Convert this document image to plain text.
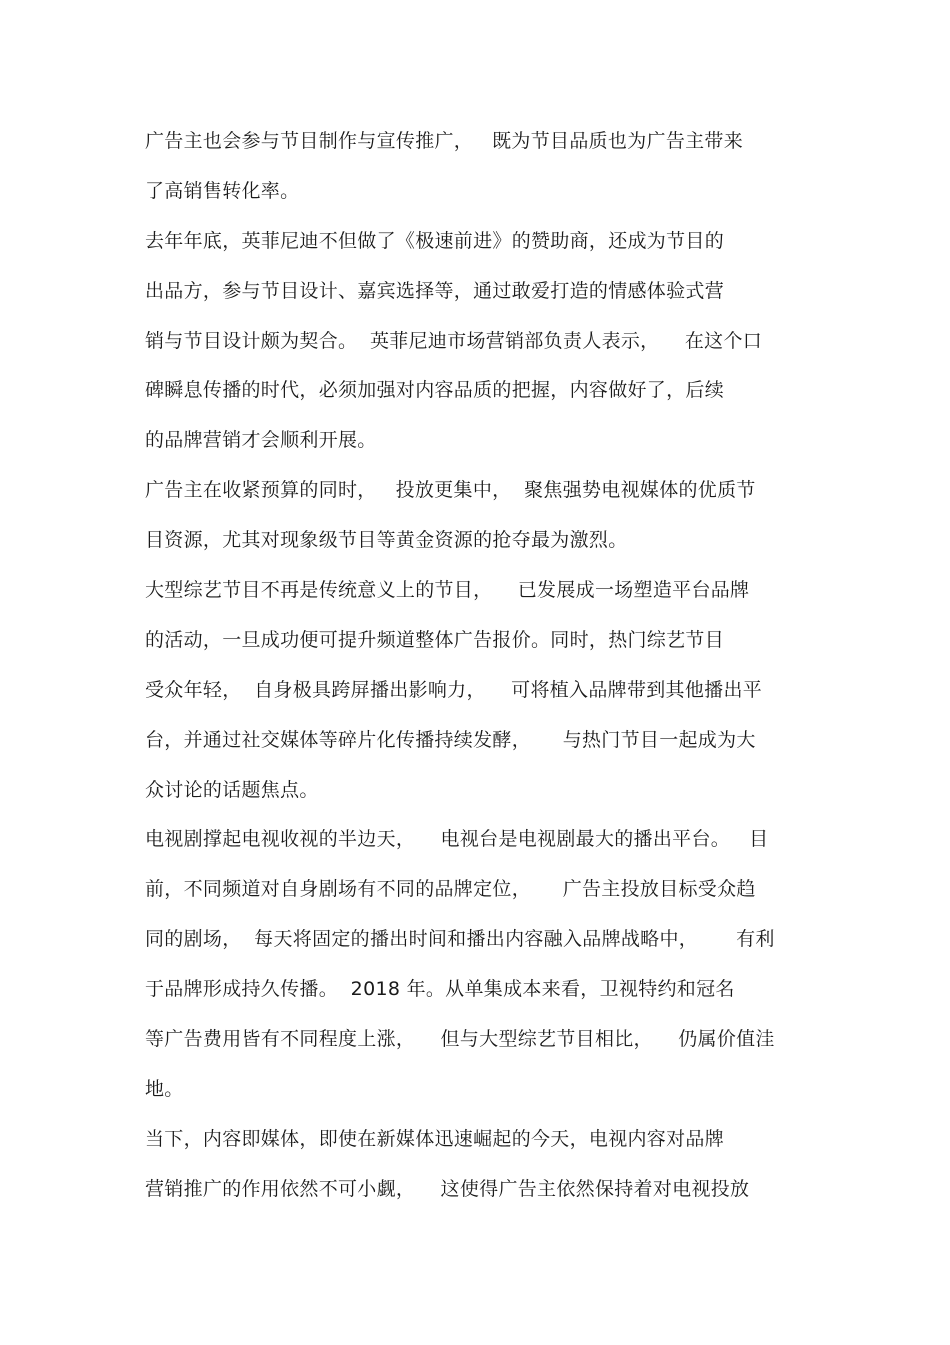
广告主也会参与节目制作与宣传推广，   既为节目品质也为广告主带来
了高销售转化率。
去年年底，英菲尼迪不但做了《极速前进》的赞助商，还成为节目的
出品方，参与节目设计、嘉宾选择等，通过敢爱打造的情感体验式营
销与节目设计颇为契合。  英菲尼迪市场营销部负责人表示，    在这个口
碑瞬息传播的时代，必须加强对内容品质的把握，内容做好了，后续
的品牌营销才会顺利开展。
广告主在收紧预算的同时，   投放更集中，  聚焦强势电视媒体的优质节
目资源，尤其对现象级节目等黄金资源的抢夺最为激烈。
大型综艺节目不再是传统意义上的节目，    已发展成一场塑造平台品牌
的活动，一旦成功便可提升频道整体广告报价。同时，热门综艺节目
受众年轻，  自身极具跨屏播出影响力，    可将植入品牌带到其他播出平
台，并通过社交媒体等碎片化传播持续发酵，     与热门节目一起成为大
众讨论的话题焦点。
电视剧撑起电视收视的半边天，    电视台是电视剧最大的播出平台。   目
前，不同频道对自身剧场有不同的品牌定位，     广告主投放目标受众趋
同的剧场，  每天将固定的播出时间和播出内容融入品牌战略中，      有利
于品牌形成持久传播。  2018 年。从单集成本来看，卫视特约和冠名
等广告费用皆有不同程度上涨，    但与大型综艺节目相比，    仍属价值洼
地。
当下，内容即媒体，即使在新媒体迅速崛起的今天，电视内容对品牌
营销推广的作用依然不可小觑，    这使得广告主依然保持着对电视投放
